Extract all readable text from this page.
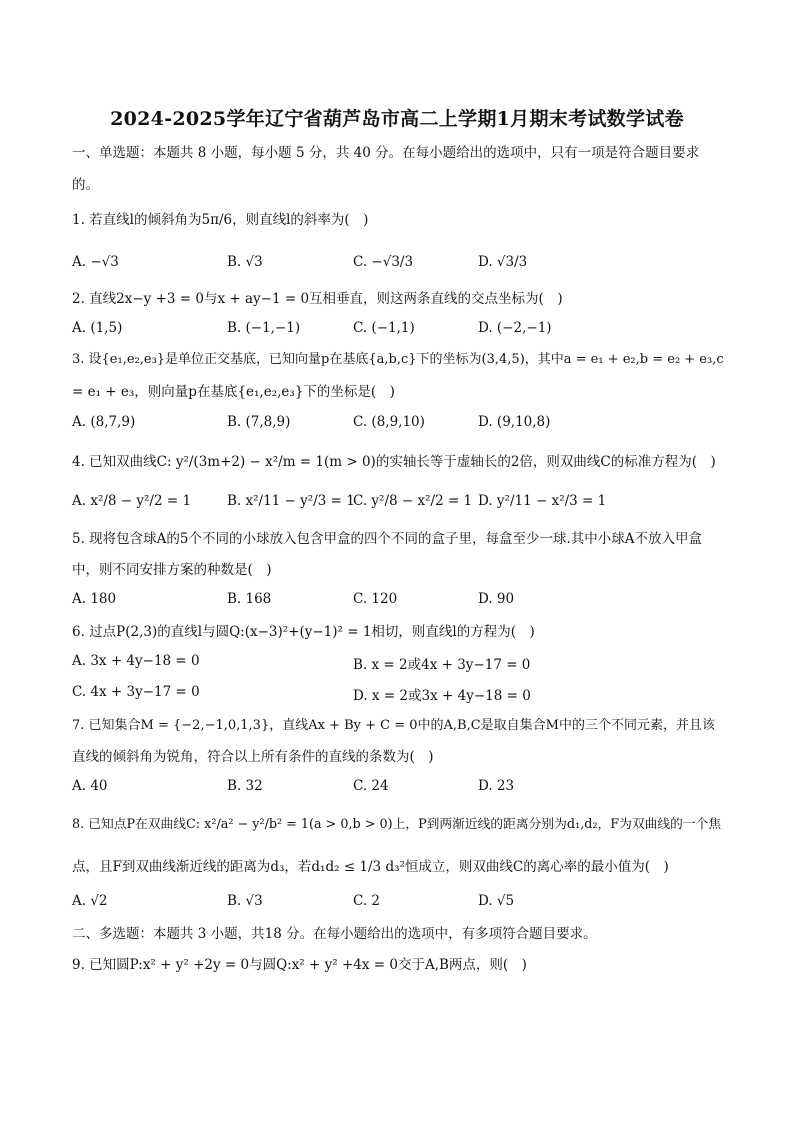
2024-2025学年辽宁省葫芦岛市高二上学期1月期末考试数学试卷
一、单选题：本题共 8 小题，每小题 5 分，共 40 分。在每小题给出的选项中，只有一项是符合题目要求
的。
1. 若直线l的倾斜角为5π/6，则直线l的斜率为(　)
A. −√3	B. √3	C. −√3/3	D. √3/3
2. 直线2x−y +3 = 0与x + ay−1 = 0互相垂直，则这两条直线的交点坐标为(　)
A. (1,5)	B. (−1,−1)	C. (−1,1)	D. (−2,−1)
3. 设{e₁,e₂,e₃}是单位正交基底，已知向量p在基底{a,b,c}下的坐标为(3,4,5)，其中a = e₁ + e₂,b = e₂ + e₃,c
= e₁ + e₃，则向量p在基底{e₁,e₂,e₃}下的坐标是(　)
A. (8,7,9)	B. (7,8,9)	C. (8,9,10)	D. (9,10,8)
4. 已知双曲线C: y²/(3m+2) − x²/m = 1(m > 0)的实轴长等于虚轴长的2倍，则双曲线C的标准方程为(　)
A. x²/8 − y²/2 = 1	B. x²/11 − y²/3 = 1
C. y²/8 − x²/2 = 1 D. y²/11 − x²/3 = 1
5. 现将包含球A的5个不同的小球放入包含甲盒的四个不同的盒子里，每盒至少一球.其中小球A不放入甲盒
中，则不同安排方案的种数是(　)
A. 180	B. 168	C. 120	D. 90
6. 过点P(2,3)的直线l与圆Q:(x−3)²+(y−1)² = 1相切，则直线l的方程为(　)
A. 3x + 4y−18 = 0	B. x = 2或4x + 3y−17 = 0
C. 4x + 3y−17 = 0	D. x = 2或3x + 4y−18 = 0
7. 已知集合M = {−2,−1,0,1,3}，直线Ax + By + C = 0中的A,B,C是取自集合M中的三个不同元素，并且该
直线的倾斜角为锐角，符合以上所有条件的直线的条数为(　)
A. 40	B. 32	C. 24	D. 23
8. 已知点P在双曲线C: x²/a² − y²/b² = 1(a > 0,b > 0)上，P到两渐近线的距离分别为d₁,d₂，F为双曲线的一个焦
点，且F到双曲线渐近线的距离为d₃，若d₁d₂ ≤ 1/3 d₃²恒成立，则双曲线C的离心率的最小值为(　)
A. √2	B. √3	C. 2	D. √5
二、多选题：本题共 3 小题，共18 分。在每小题给出的选项中，有多项符合题目要求。
9. 已知圆P:x² + y² +2y = 0与圆Q:x² + y² +4x = 0交于A,B两点，则(　)
